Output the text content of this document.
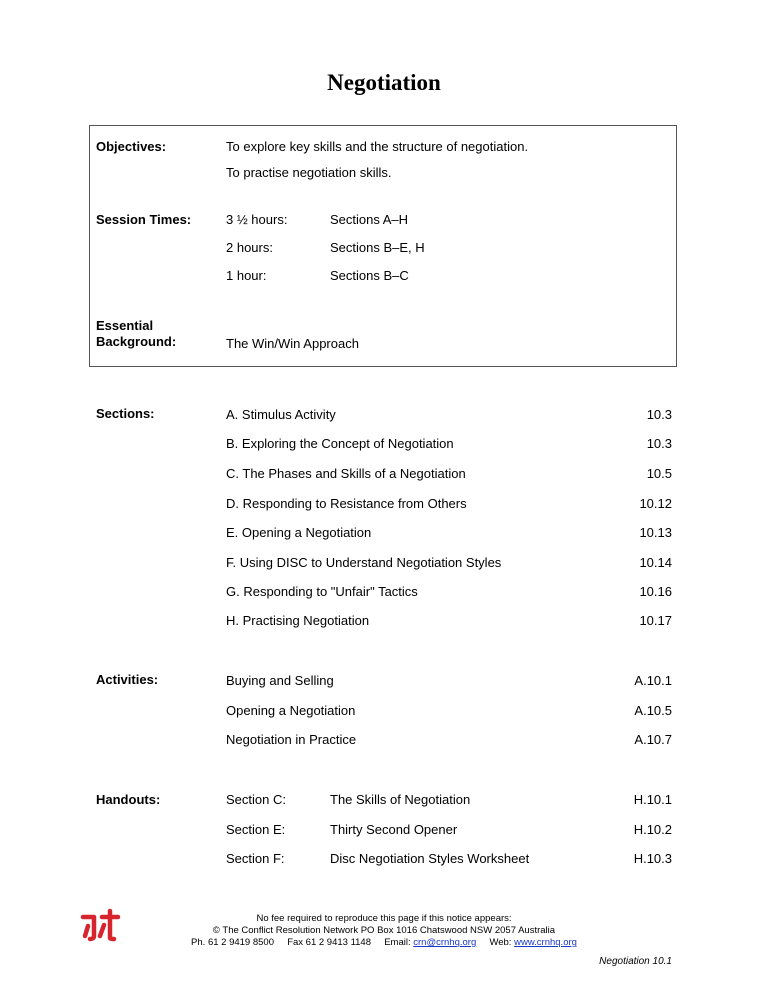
Negotiation
Objectives:	To explore key skills and the structure of negotiation.
To practise negotiation skills.
Session Times:	3 ½ hours:	Sections A–H
2 hours:	Sections B–E, H
1 hour:	Sections B–C
Essential
Background:	The Win/Win Approach
Sections:	A. Stimulus Activity	10.3
B. Exploring the Concept of Negotiation	10.3
C. The Phases and Skills of a Negotiation	10.5
D. Responding to Resistance from Others	10.12
E. Opening a Negotiation	10.13
F. Using DISC to Understand Negotiation Styles	10.14
G. Responding to "Unfair" Tactics	10.16
H. Practising Negotiation	10.17
Activities:	Buying and Selling	A.10.1
Opening a Negotiation	A.10.5
Negotiation in Practice	A.10.7
Handouts:	Section C:	The Skills of Negotiation	H.10.1
Section E:	Thirty Second Opener	H.10.2
Section F:	Disc Negotiation Styles Worksheet	H.10.3
No fee required to reproduce this page if this notice appears:
© The Conflict Resolution Network PO Box 1016 Chatswood NSW 2057 Australia
Ph. 61 2 9419 8500 Fax 61 2 9413 1148 Email: crn@crnhq.org Web: www.crnhq.org
Negotiation 10.1
